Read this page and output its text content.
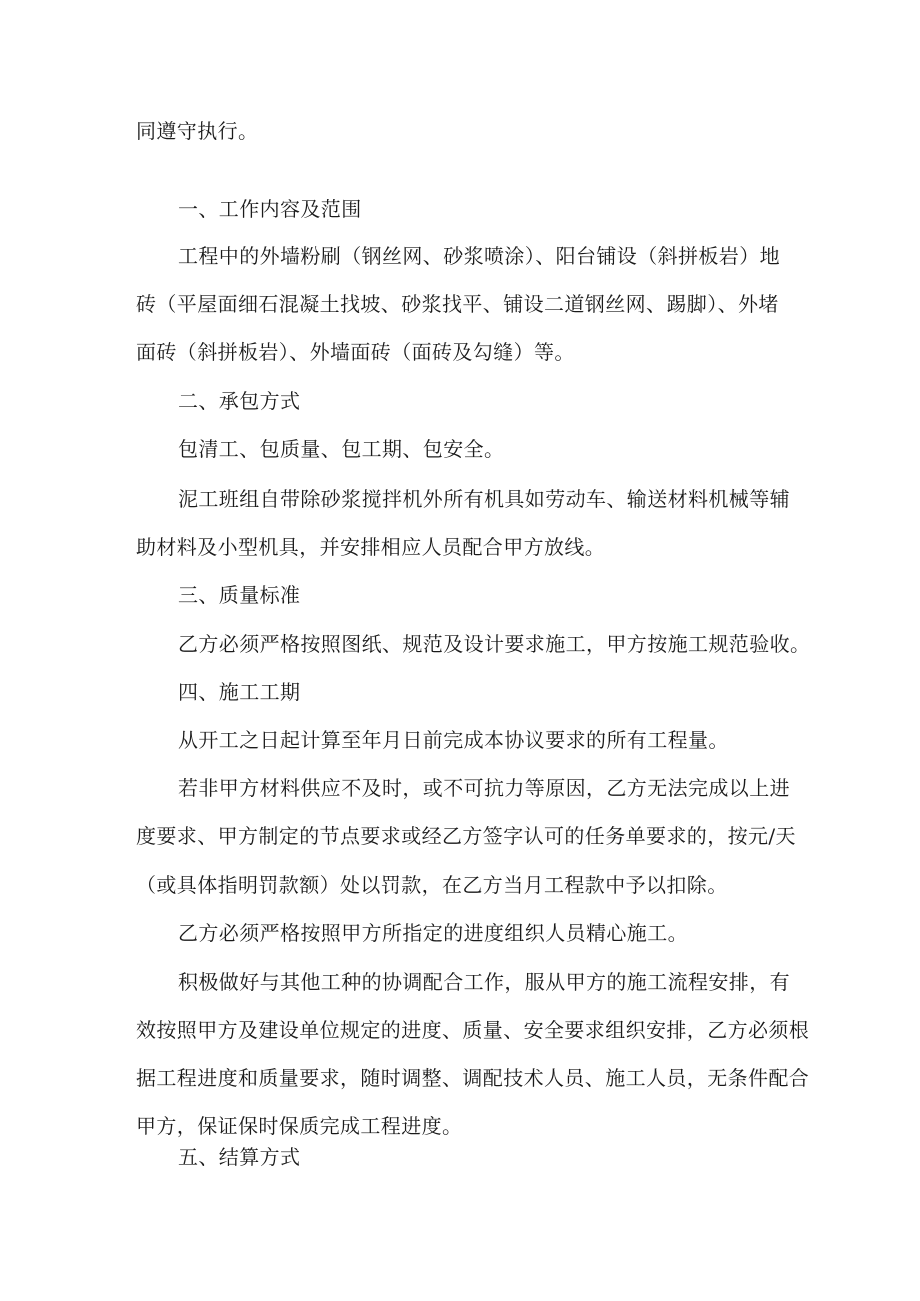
同遵守执行。

一、工作内容及范围

工程中的外墙粉刷（钢丝网、砂浆喷涂）、阳台铺设（斜拼板岩）地

砖（平屋面细石混凝土找坡、砂浆找平、铺设二道钢丝网、踢脚）、外堵

面砖（斜拼板岩）、外墙面砖（面砖及勾缝）等。

二、承包方式

包清工、包质量、包工期、包安全。

泥工班组自带除砂浆搅拌机外所有机具如劳动车、输送材料机械等辅

助材料及小型机具，并安排相应人员配合甲方放线。

三、质量标准

乙方必须严格按照图纸、规范及设计要求施工，甲方按施工规范验收。

四、施工工期

从开工之日起计算至年月日前完成本协议要求的所有工程量。

若非甲方材料供应不及时，或不可抗力等原因，乙方无法完成以上进

度要求、甲方制定的节点要求或经乙方签字认可的任务单要求的，按元/天

（或具体指明罚款额）处以罚款，在乙方当月工程款中予以扣除。

乙方必须严格按照甲方所指定的进度组织人员精心施工。

积极做好与其他工种的协调配合工作，服从甲方的施工流程安排，有

效按照甲方及建设单位规定的进度、质量、安全要求组织安排，乙方必须根

据工程进度和质量要求，随时调整、调配技术人员、施工人员，无条件配合

甲方，保证保时保质完成工程进度。

五、结算方式
